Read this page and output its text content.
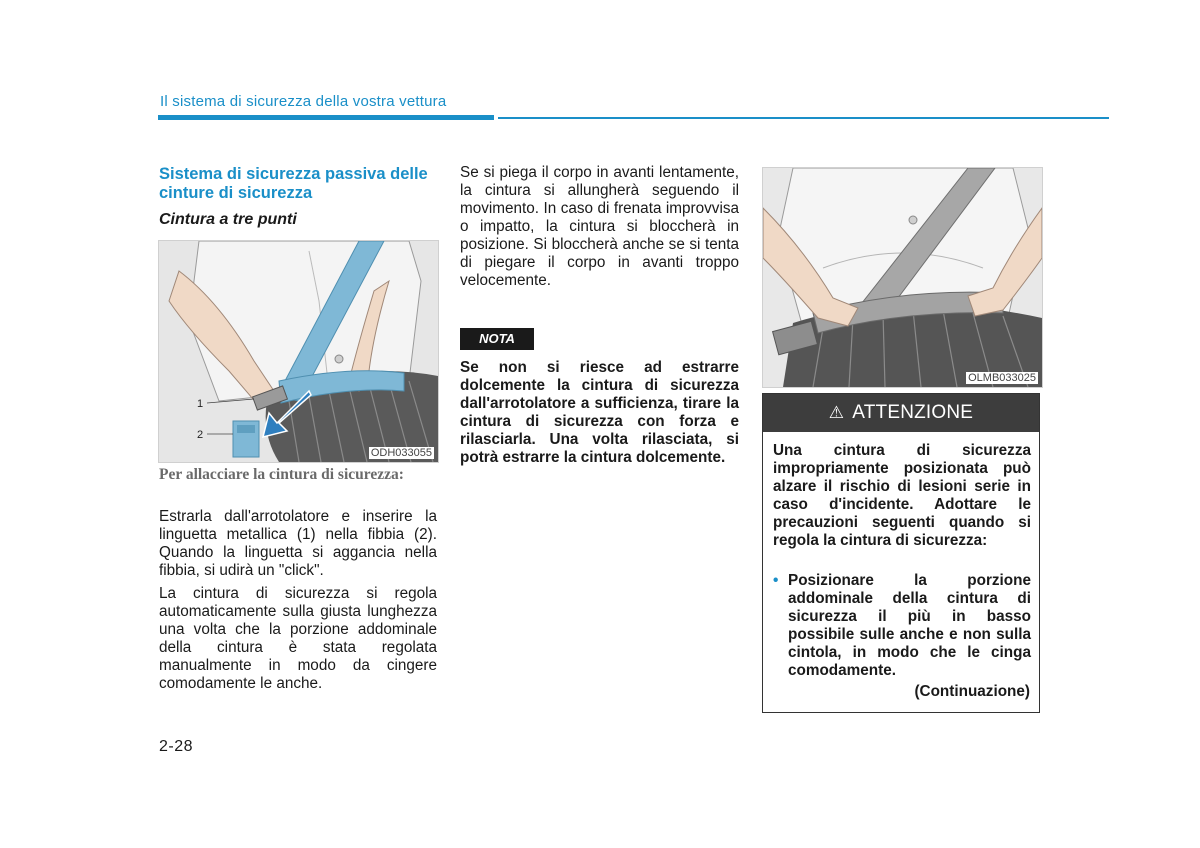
Il sistema di sicurezza della vostra vettura
Sistema di sicurezza passiva delle cinture di sicurezza
Cintura a tre punti
1
2
ODH033055
Per allacciare la cintura di sicurezza:
Estrarla dall'arrotolatore e inserire la linguetta metallica (1) nella fibbia (2). Quando la linguetta si aggancia nella fibbia, si udirà un "click".
La cintura di sicurezza si regola automaticamente sulla giusta lunghezza una volta che la porzione addominale della cintura è stata regolata manualmente in modo da cingere comodamente le anche.
Se si piega il corpo in avanti lentamente, la cintura si allungherà seguendo il movimento. In caso di frenata improvvisa o impatto, la cintura si bloccherà in posizione. Si bloccherà anche se si tenta di piegare il corpo in avanti troppo velocemente.
NOTA
Se non si riesce ad estrarre dolcemente la cintura di sicurezza dall'arrotolatore a sufficienza, tirare la cintura di sicurezza con forza e rilasciarla. Una volta rilasciata, si potrà estrarre la cintura dolcemente.
OLMB033025
⚠ ATTENZIONE
Una cintura di sicurezza impropriamente posizionata può alzare il rischio di lesioni serie in caso d'incidente. Adottare le precauzioni seguenti quando si regola la cintura di sicurezza:
• Posizionare la porzione addominale della cintura di sicurezza il più in basso possibile sulle anche e non sulla cintola, in modo che le cinga comodamente.
(Continuazione)
2-28
